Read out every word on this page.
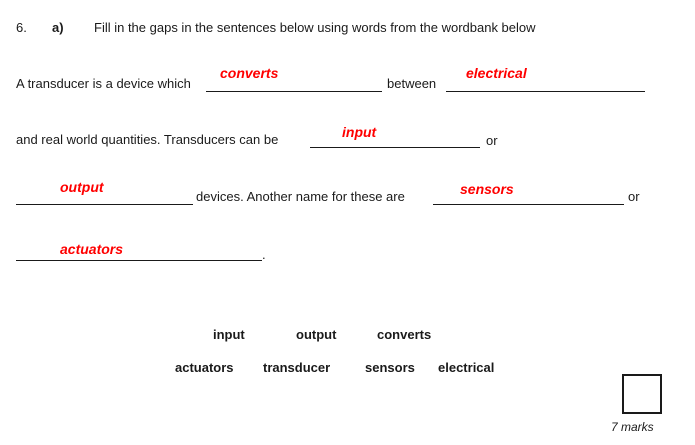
6. a) Fill in the gaps in the sentences below using words from the wordbank below
A transducer is a device which
converts
between
electrical
and real world quantities. Transducers can be	input
or
output
devices. Another name for these are	sensors	or
actuators	.
input	output	converts
actuators transducer	sensors electrical
7 marks
